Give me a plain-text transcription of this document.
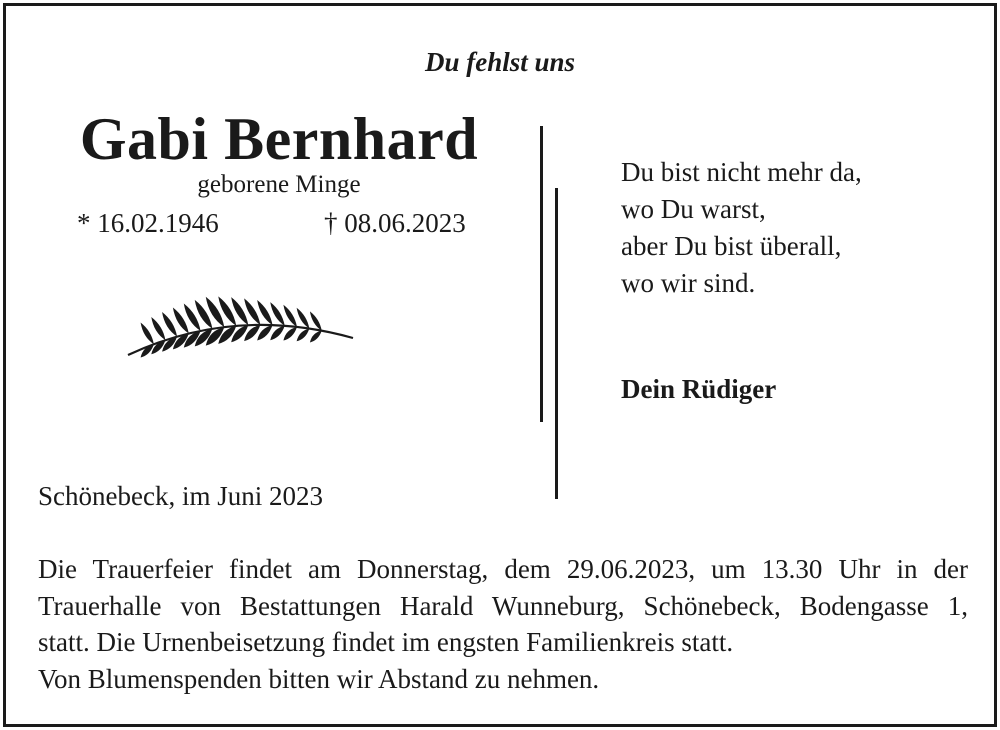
Du fehlst uns
Gabi Bernhard
geborene Minge
* 16.02.1946	† 08.06.2023
Du bist nicht mehr da,
wo Du warst,
aber Du bist überall,
wo wir sind.
Dein Rüdiger
Schönebeck, im Juni 2023
Die Trauerfeier findet am Donnerstag, dem 29.06.2023, um 13.30 Uhr in der
Trauerhalle von Bestattungen Harald Wunneburg, Schönebeck, Bodengasse 1,
statt. Die Urnenbeisetzung findet im engsten Familienkreis statt.
Von Blumenspenden bitten wir Abstand zu nehmen.
